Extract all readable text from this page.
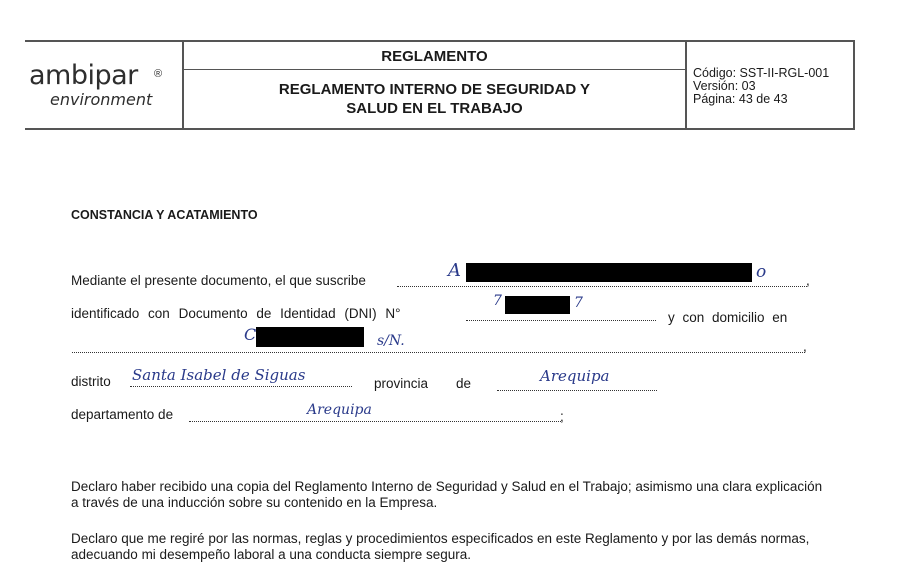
ambipar ®
environment
REGLAMENTO
REGLAMENTO INTERNO DE SEGURIDAD Y
SALUD EN EL TRABAJO
Código: SST-II-RGL-001
Versión: 03
Página: 43 de 43
CONSTANCIA Y ACATAMIENTO
Mediante el presente documento, el que suscribe	,
A	o
identificado con Documento de Identidad (DNI) N°	y con domicilio en
7	7
,
C	s/N.
distrito Santa Isabel de Siguas	provincia de	Arequipa
departamento de	Arequipa	;
Declaro haber recibido una copia del Reglamento Interno de Seguridad y Salud en el Trabajo; asimismo una clara explicación a través de una inducción sobre su contenido en la Empresa.
Declaro que me regiré por las normas, reglas y procedimientos especificados en este Reglamento y por las demás normas, adecuando mi desempeño laboral a una conducta siempre segura.
